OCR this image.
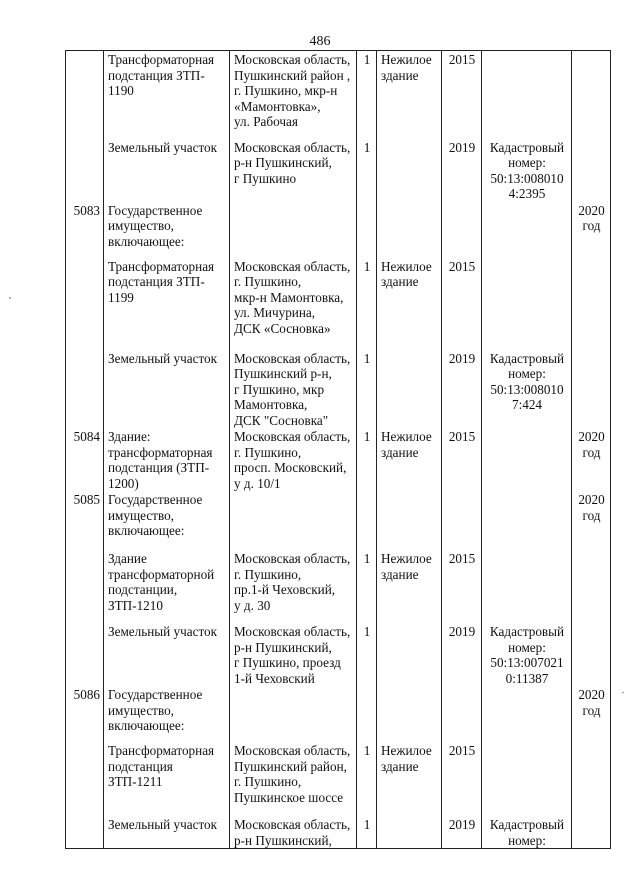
486

	Трансформаторная
подстанция ЗТП-
1190	Московская область,
Пушкинский район ,
г. Пушкино, мкр-н
«Мамонтовка»,
ул. Рабочая	1	Нежилое
здание	2015		

	Земельный участок	Московская область,
р-н Пушкинский,
г Пушкино	1		2019	Кадастровый
номер:
50:13:008010
4:2395	

5083	Государственное
имущество,
включающее:						2020
год

	Трансформаторная
подстанция ЗТП-
1199	Московская область,
г. Пушкино,
мкр-н Мамонтовка,
ул. Мичурина,
ДСК «Сосновка»	1	Нежилое
здание	2015		

	Земельный участок	Московская область,
Пушкинский р-н,
г Пушкино, мкр
Мамонтовка,
ДСК "Сосновка"	1		2019	Кадастровый
номер:
50:13:008010
7:424	

5084	Здание:
трансформаторная
подстанция (ЗТП-
1200)	Московская область,
г. Пушкино,
просп. Московский,
у д. 10/1	1	Нежилое
здание	2015		2020
год

5085	Государственное
имущество,
включающее:						2020
год

	Здание
трансформаторной
подстанции,
ЗТП-1210	Московская область,
г. Пушкино,
пр.1-й Чеховский,
у д. 30	1	Нежилое
здание	2015		

	Земельный участок	Московская область,
р-н Пушкинский,
г Пушкино, проезд
1-й Чеховский	1		2019	Кадастровый
номер:
50:13:007021
0:11387	

5086	Государственное
имущество,
включающее:						2020
год

	Трансформаторная
подстанция
ЗТП-1211	Московская область,
Пушкинский район,
г. Пушкино,
Пушкинское шоссе	1	Нежилое
здание	2015		

	Земельный участок	Московская область,
р-н Пушкинский,	1		2019	Кадастровый
номер:	
